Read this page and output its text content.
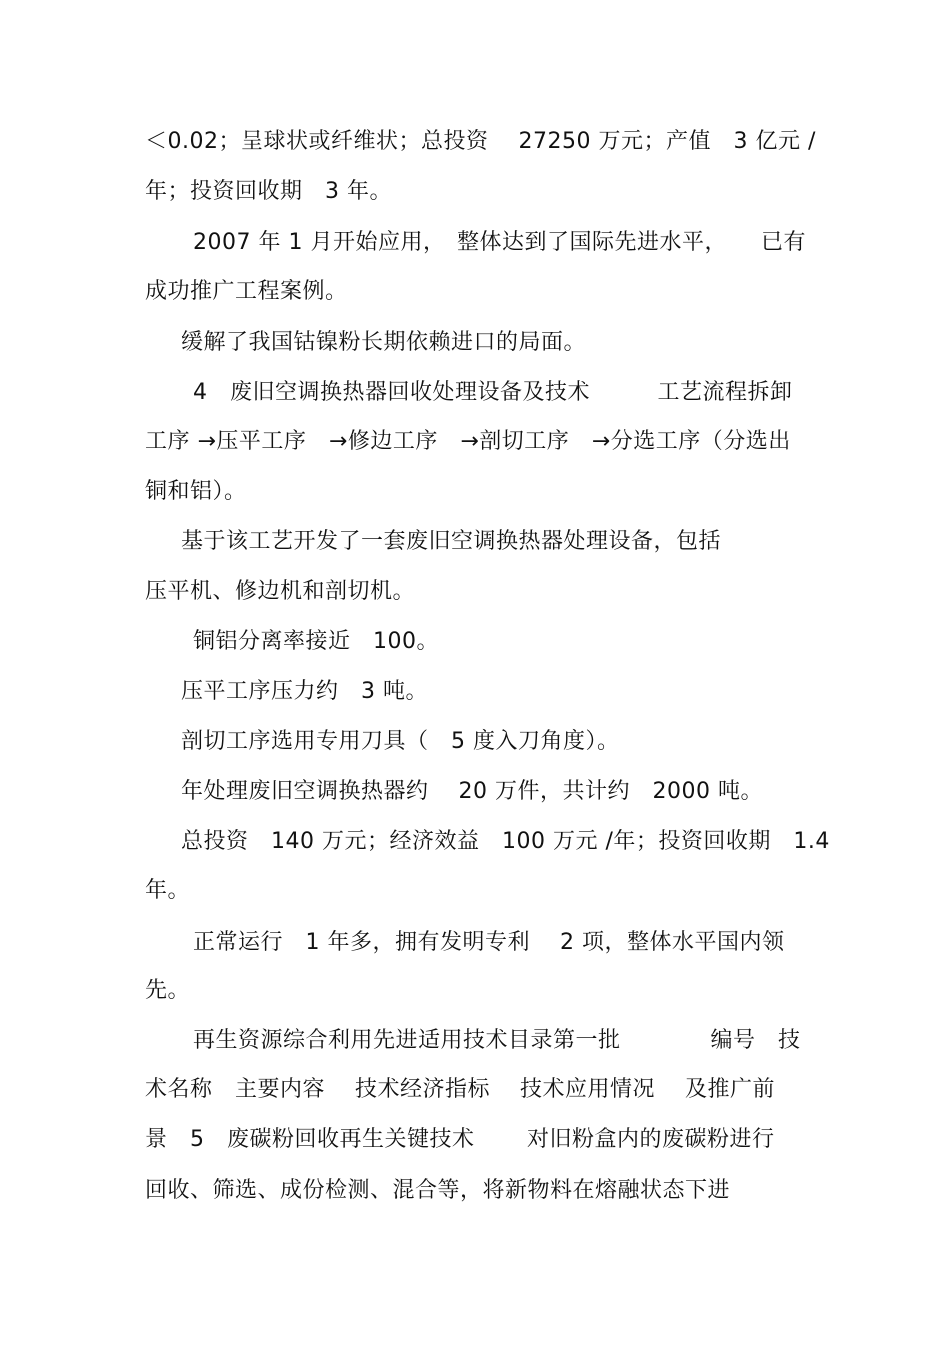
＜0.02；呈球状或纤维状；总投资　 27250 万元；产值　3 亿元 /
年；投资回收期　3 年。
2007 年 1 月开始应用，　整体达到了国际先进水平，　　已有
成功推广工程案例。
缓解了我国钴镍粉长期依赖进口的局面。
4　废旧空调换热器回收处理设备及技术　　　工艺流程拆卸
工序 →压平工序　→修边工序　→剖切工序　→分选工序（分选出
铜和铝）。
基于该工艺开发了一套废旧空调换热器处理设备，包括
压平机、修边机和剖切机。
铜铝分离率接近　100。
压平工序压力约　3 吨。
剖切工序选用专用刀具（　5 度入刀角度）。
年处理废旧空调换热器约　 20 万件，共计约　2000 吨。
总投资　140 万元；经济效益　100 万元 /年；投资回收期　1.4
年。
正常运行　1 年多，拥有发明专利　 2 项，整体水平国内领
先。
再生资源综合利用先进适用技术目录第一批　　　　编号　技
术名称　主要内容　 技术经济指标　 技术应用情况　 及推广前
景　5　废碳粉回收再生关键技术　　 对旧粉盒内的废碳粉进行
回收、筛选、成份检测、混合等，将新物料在熔融状态下进
